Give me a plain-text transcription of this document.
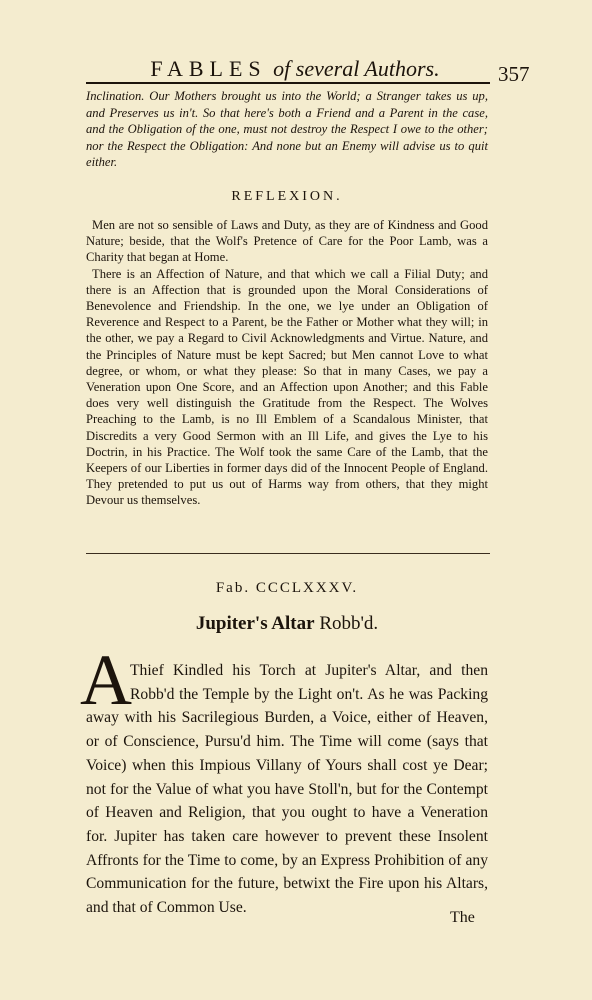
FABLES of several Authors.	357

Inclination. Our Mothers brought us into the World; a Stranger takes us up, and Preserves us in't. So that here's both a Friend and a Parent in the case, and the Obligation of the one, must not destroy the Respect I owe to the other; nor the Respect the Obligation: And none but an Enemy will advise us to quit either.

REFLEXION.

Men are not so sensible of Laws and Duty, as they are of Kindness and Good Nature; beside, that the Wolf's Pretence of Care for the Poor Lamb, was a Charity that began at Home.

There is an Affection of Nature, and that which we call a Filial Duty; and there is an Affection that is grounded upon the Moral Considerations of Benevolence and Friendship. In the one, we lye under an Obligation of Reverence and Respect to a Parent, be the Father or Mother what they will; in the other, we pay a Regard to Civil Acknowledgments and Virtue. Nature, and the Principles of Nature must be kept Sacred; but Men cannot Love to what degree, or whom, or what they please: So that in many Cases, we pay a Veneration upon One Score, and an Affection upon Another; and this Fable does very well distinguish the Gratitude from the Respect. The Wolves Preaching to the Lamb, is no Ill Emblem of a Scandalous Minister, that Discredits a very Good Sermon with an Ill Life, and gives the Lye to his Doctrin, in his Practice. The Wolf took the same Care of the Lamb, that the Keepers of our Liberties in former days did of the Innocent People of England. They pretended to put us out of Harms way from others, that they might Devour us themselves.

Fab. CCCLXXXV.
Jupiter's Altar Robb'd.
A

Thief Kindled his Torch at Jupiter's Altar, and then Robb'd the Temple by the Light on't. As he was Packing away with his Sacrilegious Burden, a Voice, either of Heaven, or of Conscience, Pursu'd him. The Time will come (says that Voice) when this Impious Villany of Yours shall cost ye Dear; not for the Value of what you have Stoll'n, but for the Contempt of Heaven and Religion, that you ought to have a Veneration for. Jupiter has taken care however to prevent these Insolent Affronts for the Time to come, by an Express Prohibition of any Communication for the future, betwixt the Fire upon his Altars, and that of Common Use.

The
